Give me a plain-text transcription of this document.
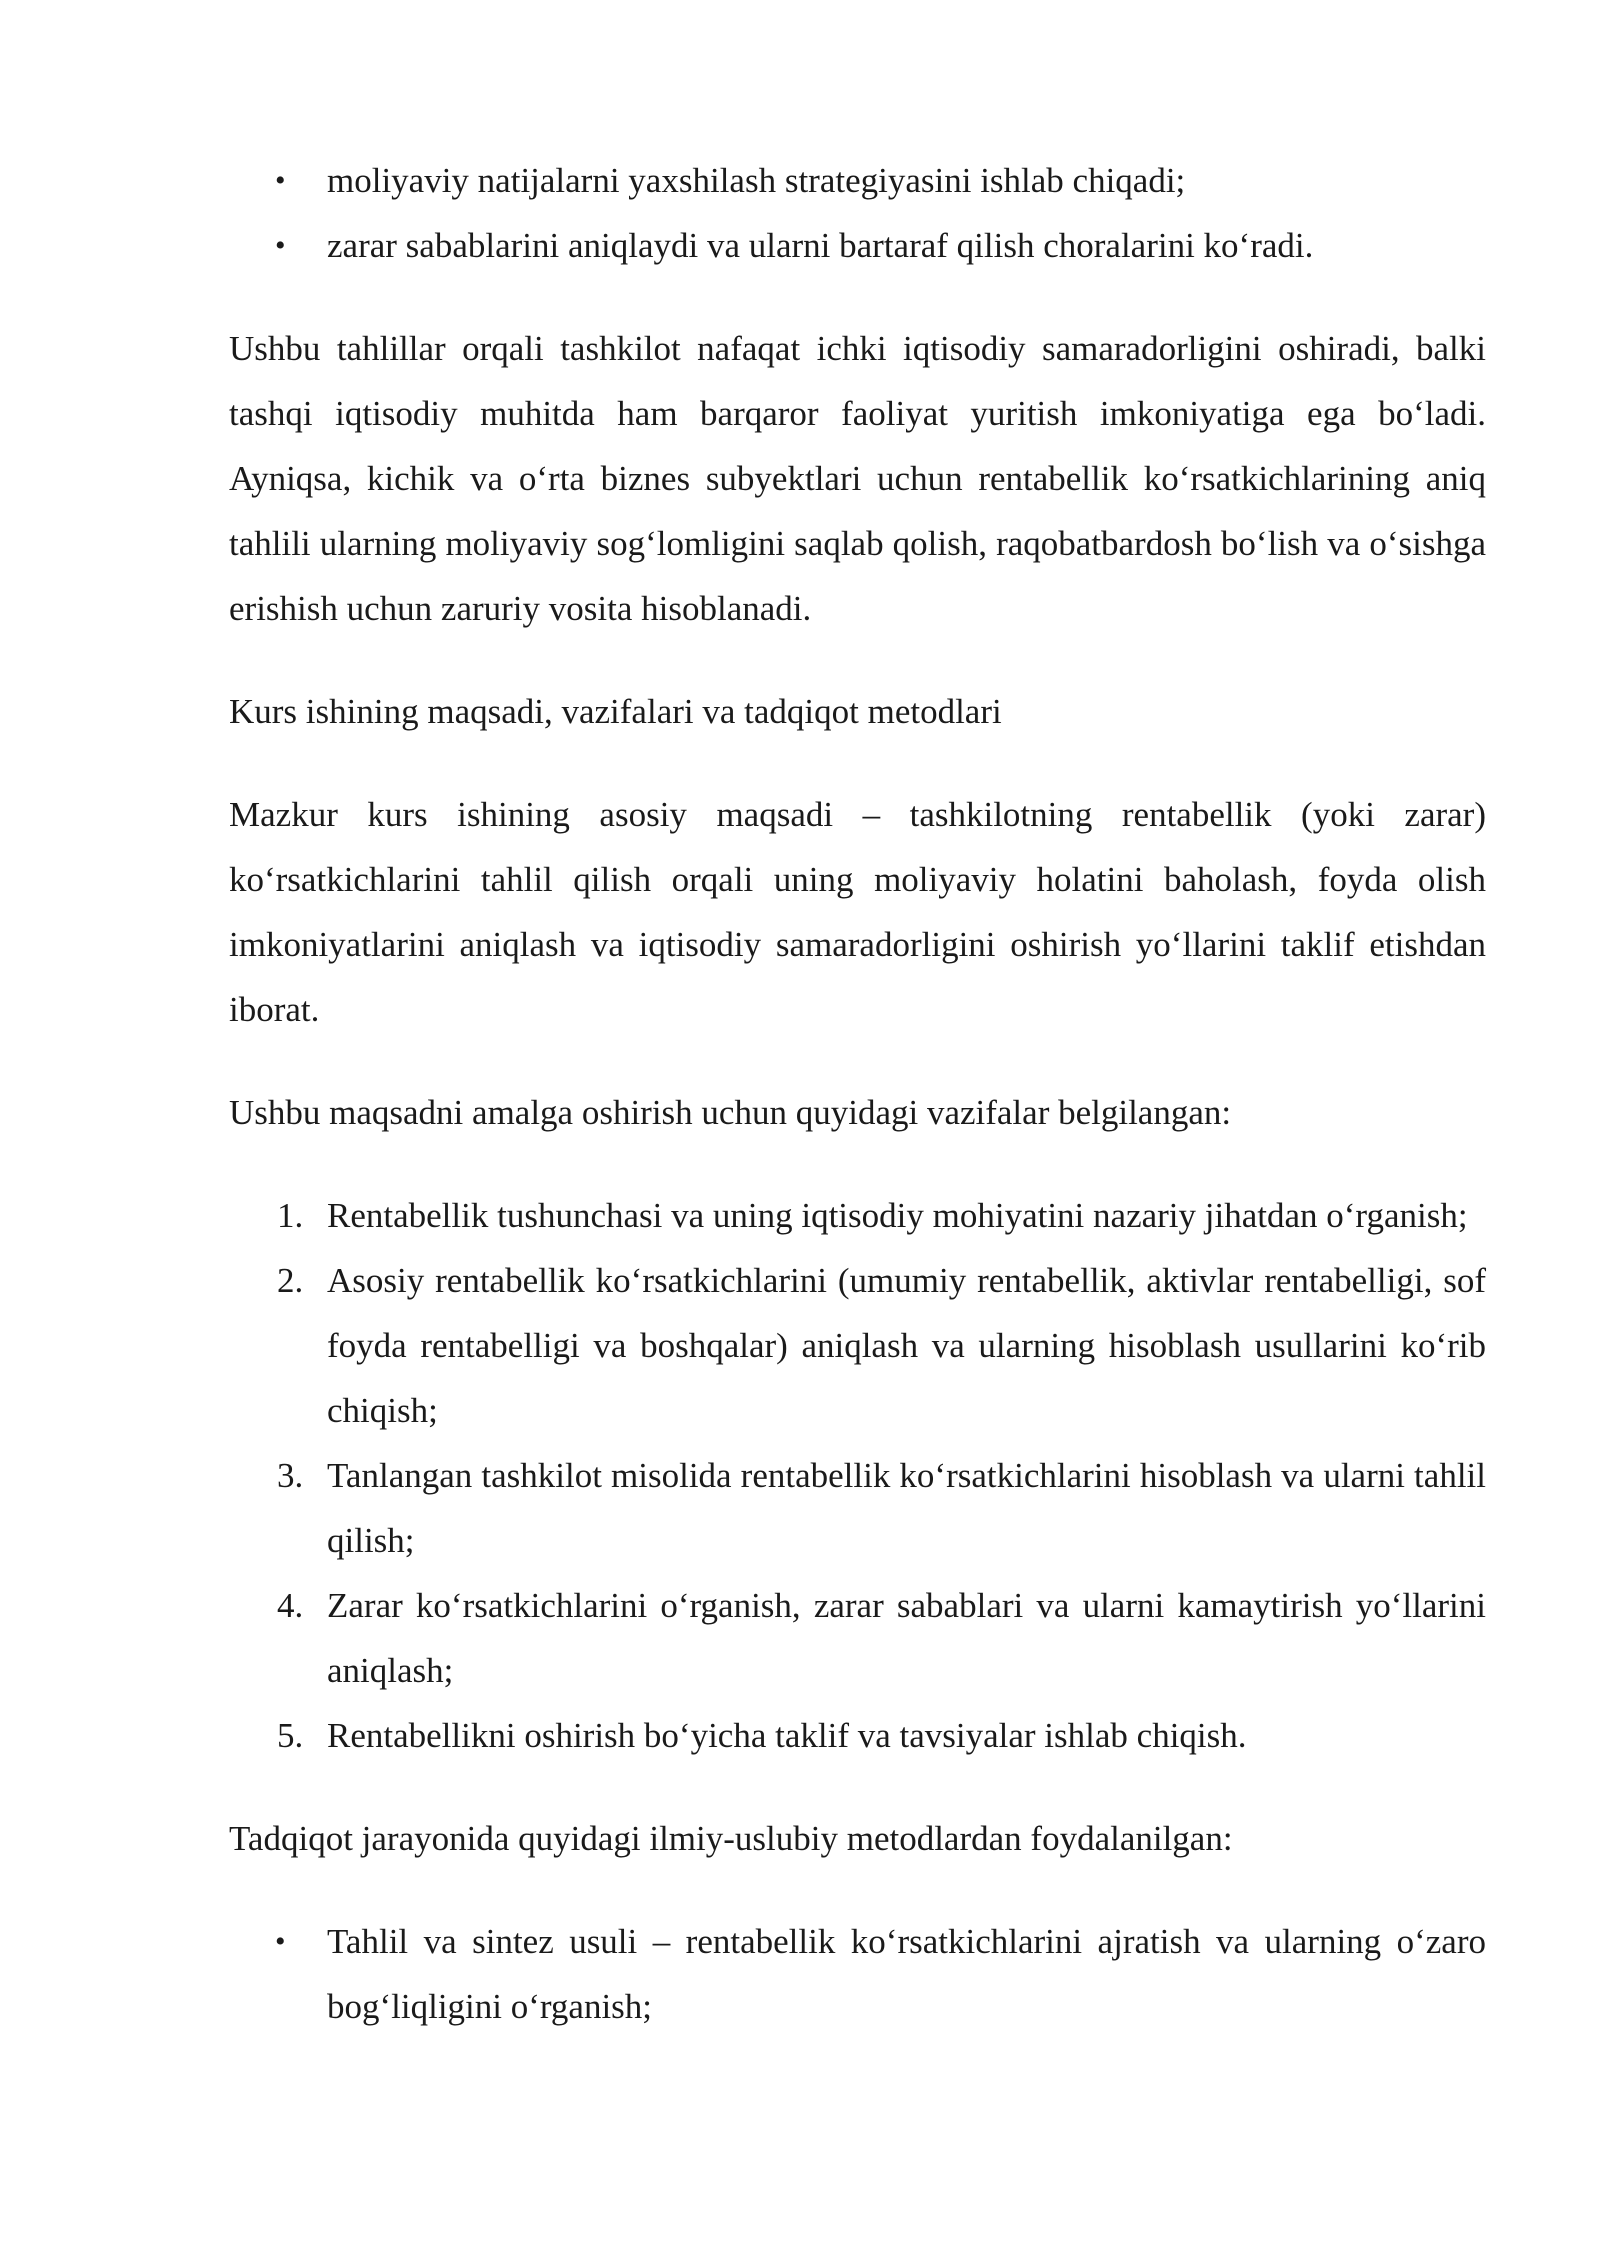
• moliyaviy natijalarni yaxshilash strategiyasini ishlab chiqadi;
• zarar sabablarini aniqlaydi va ularni bartaraf qilish choralarini ko‘radi.

Ushbu tahlillar orqali tashkilot nafaqat ichki iqtisodiy samaradorligini oshiradi, balki tashqi iqtisodiy muhitda ham barqaror faoliyat yuritish imkoniyatiga ega bo‘ladi. Ayniqsa, kichik va o‘rta biznes subyektlari uchun rentabellik ko‘rsatkichlarining aniq tahlili ularning moliyaviy sog‘lomligini saqlab qolish, raqobatbardosh bo‘lish va o‘sishga erishish uchun zaruriy vosita hisoblanadi.

Kurs ishining maqsadi, vazifalari va tadqiqot metodlari

Mazkur kurs ishining asosiy maqsadi – tashkilotning rentabellik (yoki zarar) ko‘rsatkichlarini tahlil qilish orqali uning moliyaviy holatini baholash, foyda olish imkoniyatlarini aniqlash va iqtisodiy samaradorligini oshirish yo‘llarini taklif etishdan iborat.

Ushbu maqsadni amalga oshirish uchun quyidagi vazifalar belgilangan:

1. Rentabellik tushunchasi va uning iqtisodiy mohiyatini nazariy jihatdan o‘rganish;
2. Asosiy rentabellik ko‘rsatkichlarini (umumiy rentabellik, aktivlar rentabelligi, sof foyda rentabelligi va boshqalar) aniqlash va ularning hisoblash usullarini ko‘rib chiqish;
3. Tanlangan tashkilot misolida rentabellik ko‘rsatkichlarini hisoblash va ularni tahlil qilish;
4. Zarar ko‘rsatkichlarini o‘rganish, zarar sabablari va ularni kamaytirish yo‘llarini aniqlash;
5. Rentabellikni oshirish bo‘yicha taklif va tavsiyalar ishlab chiqish.

Tadqiqot jarayonida quyidagi ilmiy-uslubiy metodlardan foydalanilgan:

• Tahlil va sintez usuli – rentabellik ko‘rsatkichlarini ajratish va ularning o‘zaro bog‘liqligini o‘rganish;
